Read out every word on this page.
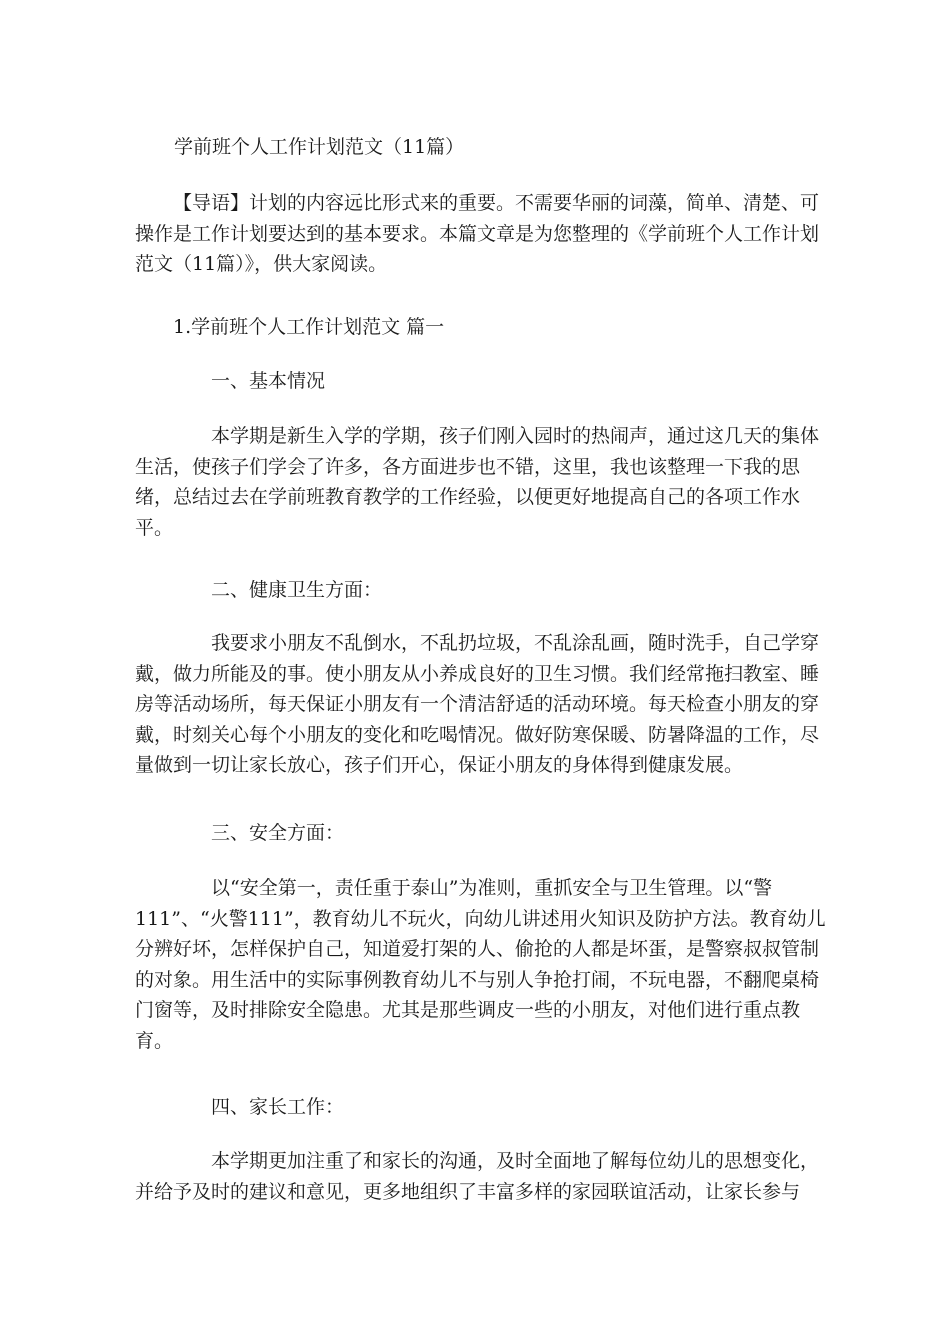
学前班个人工作计划范文（11篇）

【导语】计划的内容远比形式来的重要。不需要华丽的词藻，简单、清楚、可操作是工作计划要达到的基本要求。本篇文章是为您整理的《学前班个人工作计划范文（11篇）》，供大家阅读。

1.学前班个人工作计划范文 篇一

一、基本情况

本学期是新生入学的学期，孩子们刚入园时的热闹声，通过这几天的集体生活，使孩子们学会了许多，各方面进步也不错，这里，我也该整理一下我的思绪，总结过去在学前班教育教学的工作经验，以便更好地提高自己的各项工作水平。

二、健康卫生方面：

我要求小朋友不乱倒水，不乱扔垃圾，不乱涂乱画，随时洗手，自己学穿戴，做力所能及的事。使小朋友从小养成良好的卫生习惯。我们经常拖扫教室、睡房等活动场所，每天保证小朋友有一个清洁舒适的活动环境。每天检查小朋友的穿戴，时刻关心每个小朋友的变化和吃喝情况。做好防寒保暖、防暑降温的工作，尽量做到一切让家长放心，孩子们开心，保证小朋友的身体得到健康发展。

三、安全方面：

以“安全第一，责任重于泰山”为准则，重抓安全与卫生管理。以“警111”、“火警111”，教育幼儿不玩火，向幼儿讲述用火知识及防护方法。教育幼儿分辨好坏，怎样保护自己，知道爱打架的人、偷抢的人都是坏蛋，是警察叔叔管制的对象。用生活中的实际事例教育幼儿不与别人争抢打闹，不玩电器，不翻爬桌椅门窗等，及时排除安全隐患。尤其是那些调皮一些的小朋友，对他们进行重点教育。

四、家长工作：

本学期更加注重了和家长的沟通，及时全面地了解每位幼儿的思想变化，并给予及时的建议和意见，更多地组织了丰富多样的家园联谊活动，让家长参与
